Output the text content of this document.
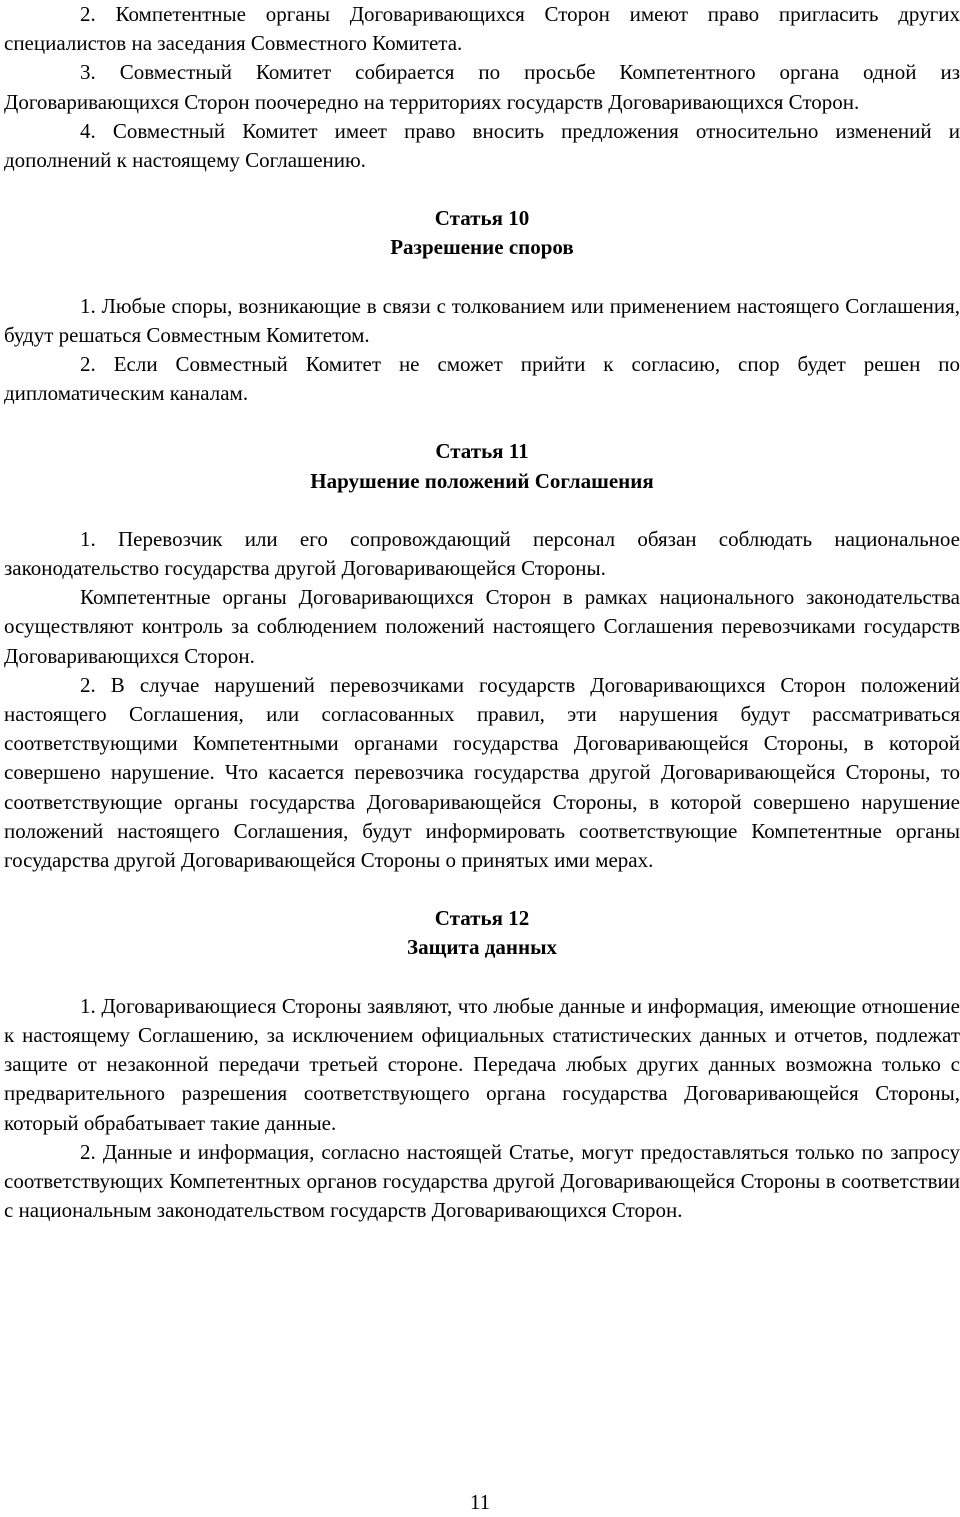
2. Компетентные органы Договаривающихся Сторон имеют право пригласить других специалистов на заседания Совместного Комитета.

3. Совместный Комитет собирается по просьбе Компетентного органа одной из Договаривающихся Сторон поочередно на территориях государств Договаривающихся Сторон.

4. Совместный Комитет имеет право вносить предложения относительно изменений и дополнений к настоящему Соглашению.

Статья 10
Разрешение споров

1. Любые споры, возникающие в связи с толкованием или применением настоящего Соглашения, будут решаться Совместным Комитетом.

2. Если Совместный Комитет не сможет прийти к согласию, спор будет решен по дипломатическим каналам.

Статья 11
Нарушение положений Соглашения

1. Перевозчик или его сопровождающий персонал обязан соблюдать национальное законодательство государства другой Договаривающейся Стороны.

Компетентные органы Договаривающихся Сторон в рамках национального законодательства осуществляют контроль за соблюдением положений настоящего Соглашения перевозчиками государств Договаривающихся Сторон.

2. В случае нарушений перевозчиками государств Договаривающихся Сторон положений настоящего Соглашения, или согласованных правил, эти нарушения будут рассматриваться соответствующими Компетентными органами государства Договаривающейся Стороны, в которой совершено нарушение. Что касается перевозчика государства другой Договаривающейся Стороны, то соответствующие органы государства Договаривающейся Стороны, в которой совершено нарушение положений настоящего Соглашения, будут информировать соответствующие Компетентные органы государства другой Договаривающейся Стороны о принятых ими мерах.

Статья 12
Защита данных

1. Договаривающиеся Стороны заявляют, что любые данные и информация, имеющие отношение к настоящему Соглашению, за исключением официальных статистических данных и отчетов, подлежат защите от незаконной передачи третьей стороне. Передача любых других данных возможна только с предварительного разрешения соответствующего органа государства Договаривающейся Стороны, который обрабатывает такие данные.

2. Данные и информация, согласно настоящей Статье, могут предоставляться только по запросу соответствующих Компетентных органов государства другой Договаривающейся Стороны в соответствии с национальным законодательством государств Договаривающихся Сторон.

11
